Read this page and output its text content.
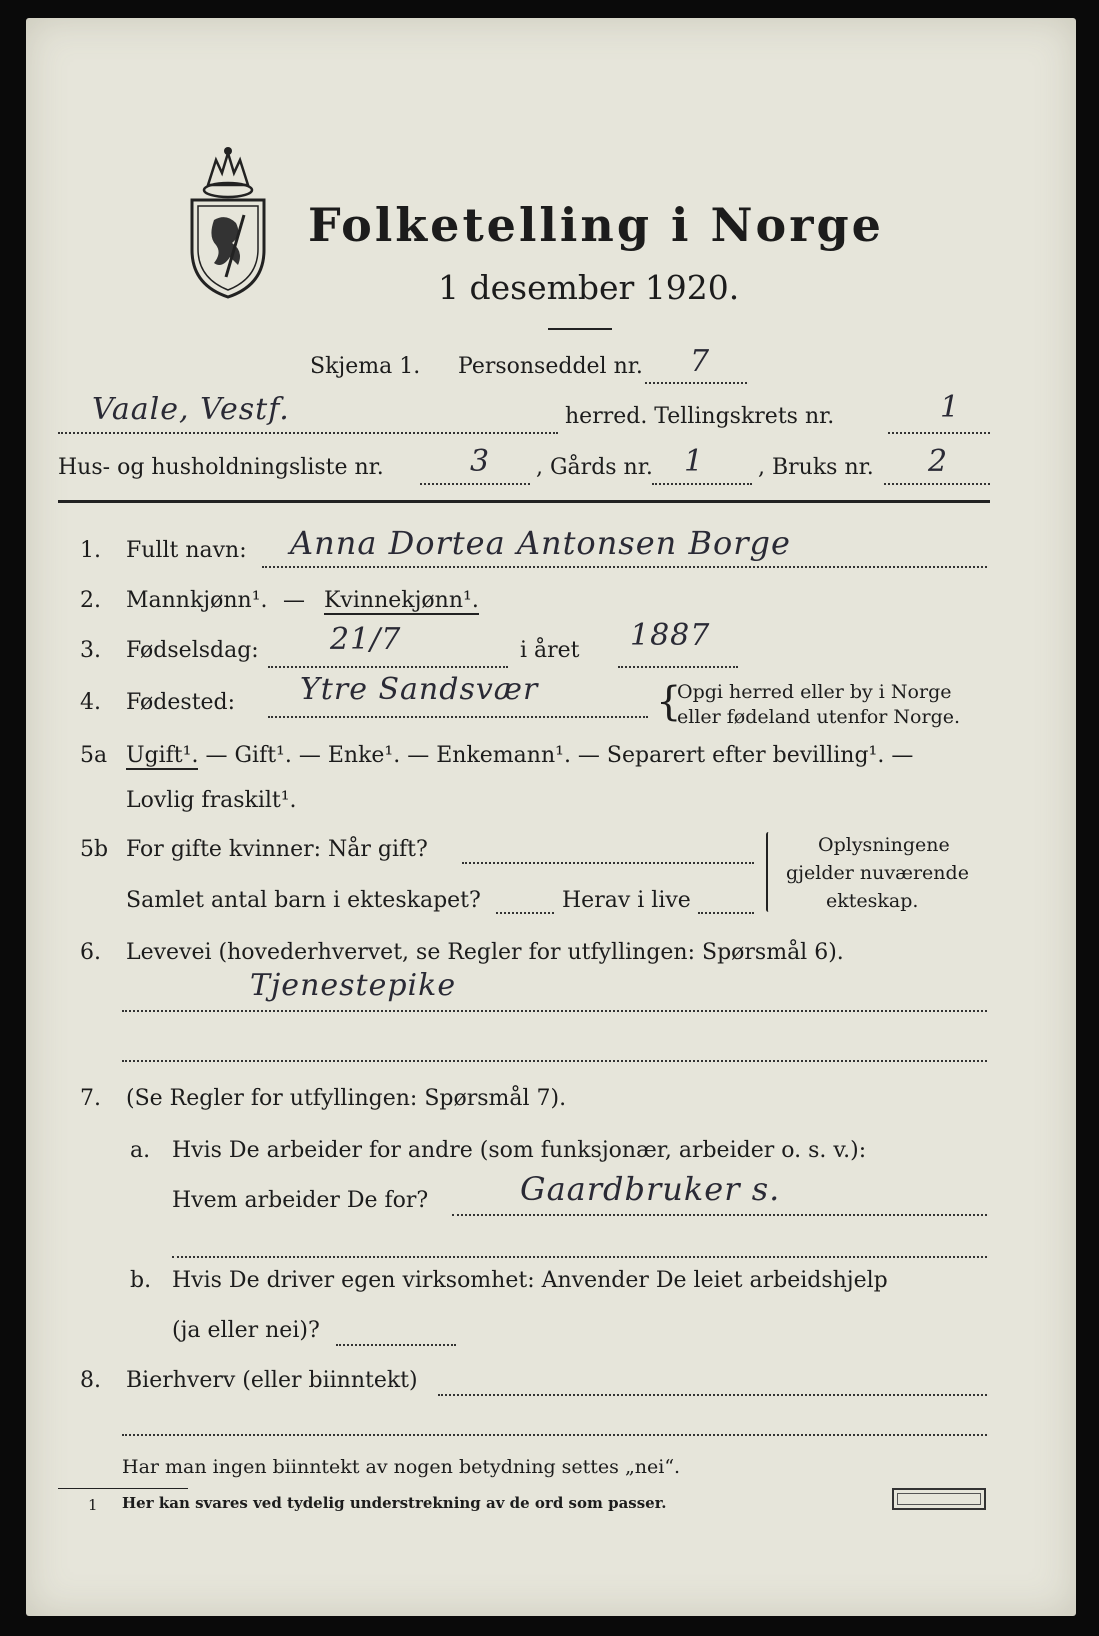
Folketelling i Norge
1 desember 1920.
Skjema 1. Personseddel nr. 7
Vaale, Vestf.	herred. Tellingskrets nr.	1
Hus- og husholdningsliste nr.	3 , Gårds nr. 1 , Bruks nr. 2
1. Fullt navn: Anna Dortea Antonsen Borge
2. Mannkjønn¹. — Kvinnekjønn¹.
3. Fødselsdag: 21/7	i året 1887
4. Fødested: Ytre Sandsvær	{
Opgi herred eller by i Norge
eller fødeland utenfor Norge.
5a Ugift¹. — Gift¹. — Enke¹. — Enkemann¹. — Separert efter bevilling¹. —
Lovlig fraskilt¹.
5b For gifte kvinner: Når gift?
Samlet antal barn i ekteskapet?	Herav i live
Oplysningene
gjelder nuværende
ekteskap.
6. Levevei (hovederhvervet, se Regler for utfyllingen: Spørsmål 6).
Tjenestepike
7. (Se Regler for utfyllingen: Spørsmål 7).
a. Hvis De arbeider for andre (som funksjonær, arbeider o. s. v.):
Hvem arbeider De for?	Gaardbruker s.
b. Hvis De driver egen virksomhet: Anvender De leiet arbeidshjelp
(ja eller nei)?
8. Bierhverv (eller biinntekt)
Har man ingen biinntekt av nogen betydning settes „nei“.
1 Her kan svares ved tydelig understrekning av de ord som passer.
